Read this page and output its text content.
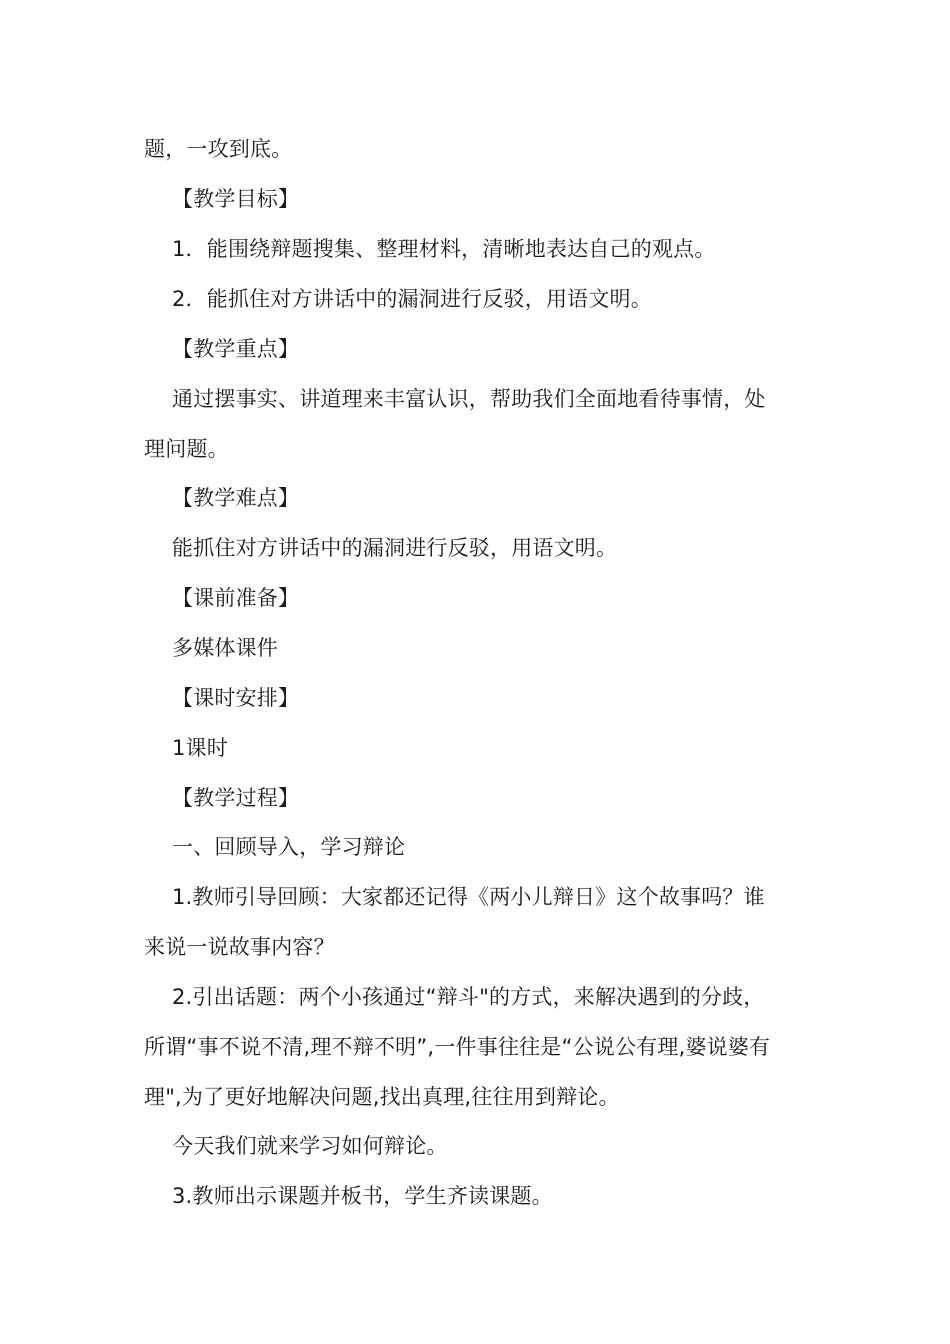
题，一攻到底。
【教学目标】
1．能围绕辩题搜集、整理材料，清晰地表达自己的观点。
2．能抓住对方讲话中的漏洞进行反驳，用语文明。
【教学重点】
通过摆事实、讲道理来丰富认识，帮助我们全面地看待事情，处
理问题。
【教学难点】
能抓住对方讲话中的漏洞进行反驳，用语文明。
【课前准备】
多媒体课件
【课时安排】
1课时
【教学过程】
一、回顾导入，学习辩论
1.教师引导回顾：大家都还记得《两小儿辩日》这个故事吗？谁
来说一说故事内容？
2.引出话题：两个小孩通过“辩斗"的方式，来解决遇到的分歧，
所谓“事不说不清,理不辩不明”,一件事往往是“公说公有理,婆说婆有
理",为了更好地解决问题,找出真理,往往用到辩论。
今天我们就来学习如何辩论。
3.教师出示课题并板书，学生齐读课题。
